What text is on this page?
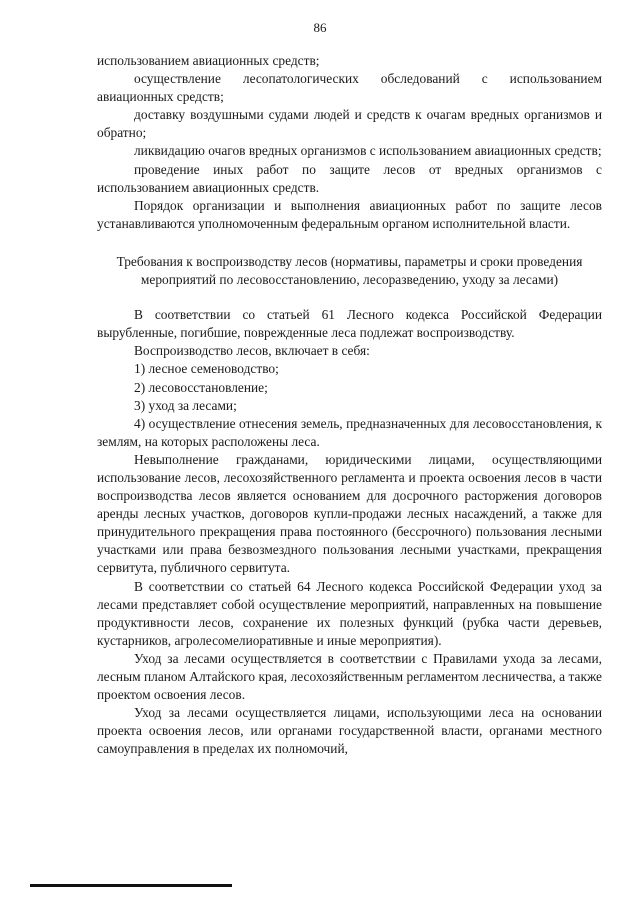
86

использованием авиационных средств;

осуществление лесопатологических обследований с использованием авиационных средств;

доставку воздушными судами людей и средств к очагам вредных организмов и обратно;

ликвидацию очагов вредных организмов с использованием авиационных средств;

проведение иных работ по защите лесов от вредных организмов с использованием авиационных средств.

Порядок организации и выполнения авиационных работ по защите лесов устанавливаются уполномоченным федеральным органом исполнительной власти.

Требования к воспроизводству лесов (нормативы, параметры и сроки проведения мероприятий по лесовосстановлению, лесоразведению, уходу за лесами)

В соответствии со статьей 61 Лесного кодекса Российской Федерации вырубленные, погибшие, поврежденные леса подлежат воспроизводству.

Воспроизводство лесов, включает в себя:

1) лесное семеноводство;

2) лесовосстановление;

3) уход за лесами;

4) осуществление отнесения земель, предназначенных для лесовосстановления, к землям, на которых расположены леса.

Невыполнение гражданами, юридическими лицами, осуществляющими использование лесов, лесохозяйственного регламента и проекта освоения лесов в части воспроизводства лесов является основанием для досрочного расторжения договоров аренды лесных участков, договоров купли-продажи лесных насаждений, а также для принудительного прекращения права постоянного (бессрочного) пользования лесными участками или права безвозмездного пользования лесными участками, прекращения сервитута, публичного сервитута.

В соответствии со статьей 64 Лесного кодекса Российской Федерации уход за лесами представляет собой осуществление мероприятий, направленных на повышение продуктивности лесов, сохранение их полезных функций (рубка части деревьев, кустарников, агролесомелиоративные и иные мероприятия).

Уход за лесами осуществляется в соответствии с Правилами ухода за лесами, лесным планом Алтайского края, лесохозяйственным регламентом лесничества, а также проектом освоения лесов.

Уход за лесами осуществляется лицами, использующими леса на основании проекта освоения лесов, или органами государственной власти, органами местного самоуправления в пределах их полномочий,
